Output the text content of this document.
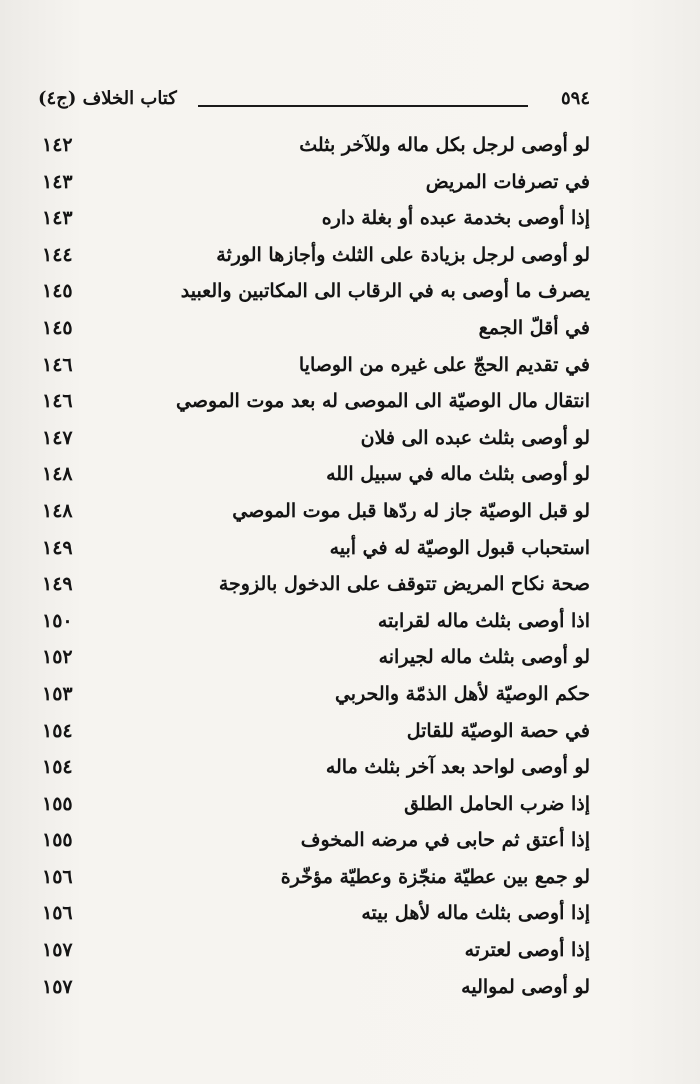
٥٩٤
كتاب الخلاف (ج٤)
لو أوصى لرجل بكل ماله وللآخر بثلث
١٤٢
في تصرفات المريض
١٤٣
إذا أوصى بخدمة عبده أو بغلة داره
١٤٣
لو أوصى لرجل بزيادة على الثلث وأجازها الورثة
١٤٤
يصرف ما أوصى به في الرقاب الى المكاتبين والعبيد
١٤٥
في أقلّ الجمع
١٤٥
في تقديم الحجّ على غيره من الوصايا
١٤٦
انتقال مال الوصيّة الى الموصى له بعد موت الموصي
١٤٦
لو أوصى بثلث عبده الى فلان
١٤٧
لو أوصى بثلث ماله في سبيل الله
١٤٨
لو قبل الوصيّة جاز له ردّها قبل موت الموصي
١٤٨
استحباب قبول الوصيّة له في أبيه
١٤٩
صحة نكاح المريض تتوقف على الدخول بالزوجة
١٤٩
اذا أوصى بثلث ماله لقرابته
١٥٠
لو أوصى بثلث ماله لجيرانه
١٥٢
حكم الوصيّة لأهل الذمّة والحربي
١٥٣
في حصة الوصيّة للقاتل
١٥٤
لو أوصى لواحد بعد آخر بثلث ماله
١٥٤
إذا ضرب الحامل الطلق
١٥٥
إذا أعتق ثم حابى في مرضه المخوف
١٥٥
لو جمع بين عطيّة منجّزة وعطيّة مؤخّرة
١٥٦
إذا أوصى بثلث ماله لأهل بيته
١٥٦
إذا أوصى لعترته
١٥٧
لو أوصى لمواليه
١٥٧
